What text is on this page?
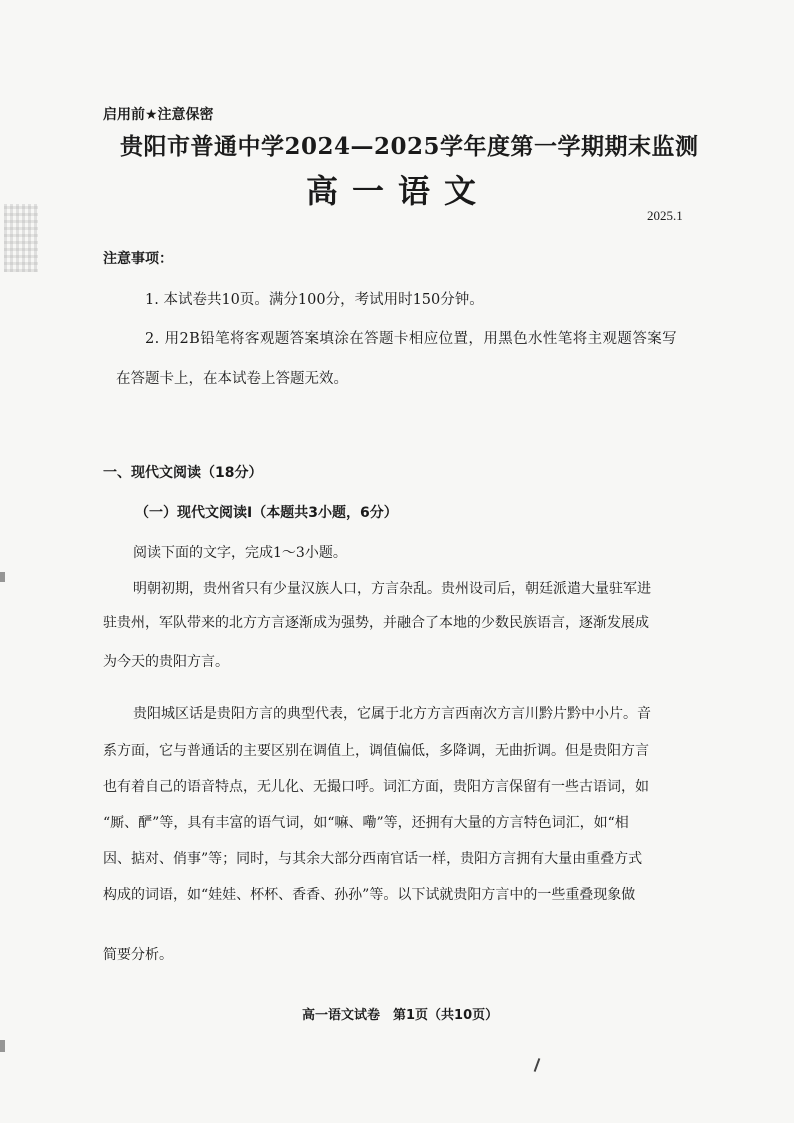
启用前★注意保密
贵阳市普通中学2024—2025学年度第一学期期末监测
高一语文
2025.1
注意事项：
1. 本试卷共10页。满分100分，考试用时150分钟。
2. 用2B铅笔将客观题答案填涂在答题卡相应位置，用黑色水性笔将主观题答案写
在答题卡上，在本试卷上答题无效。
一、现代文阅读（18分）
（一）现代文阅读Ⅰ（本题共3小题，6分）
阅读下面的文字，完成1～3小题。
明朝初期，贵州省只有少量汉族人口，方言杂乱。贵州设司后，朝廷派遣大量驻军进
驻贵州，军队带来的北方方言逐渐成为强势，并融合了本地的少数民族语言，逐渐发展成
为今天的贵阳方言。
贵阳城区话是贵阳方言的典型代表，它属于北方方言西南次方言川黔片黔中小片。音
系方面，它与普通话的主要区别在调值上，调值偏低，多降调，无曲折调。但是贵阳方言
也有着自己的语音特点，无儿化、无撮口呼。词汇方面，贵阳方言保留有一些古语词，如
“厮、酽”等，具有丰富的语气词，如“嘛、嘞”等，还拥有大量的方言特色词汇，如“相
因、掂对、俏事”等；同时，与其余大部分西南官话一样，贵阳方言拥有大量由重叠方式
构成的词语，如“娃娃、杯杯、香香、孙孙”等。以下试就贵阳方言中的一些重叠现象做
简要分析。
高一语文试卷　第1页（共10页）
